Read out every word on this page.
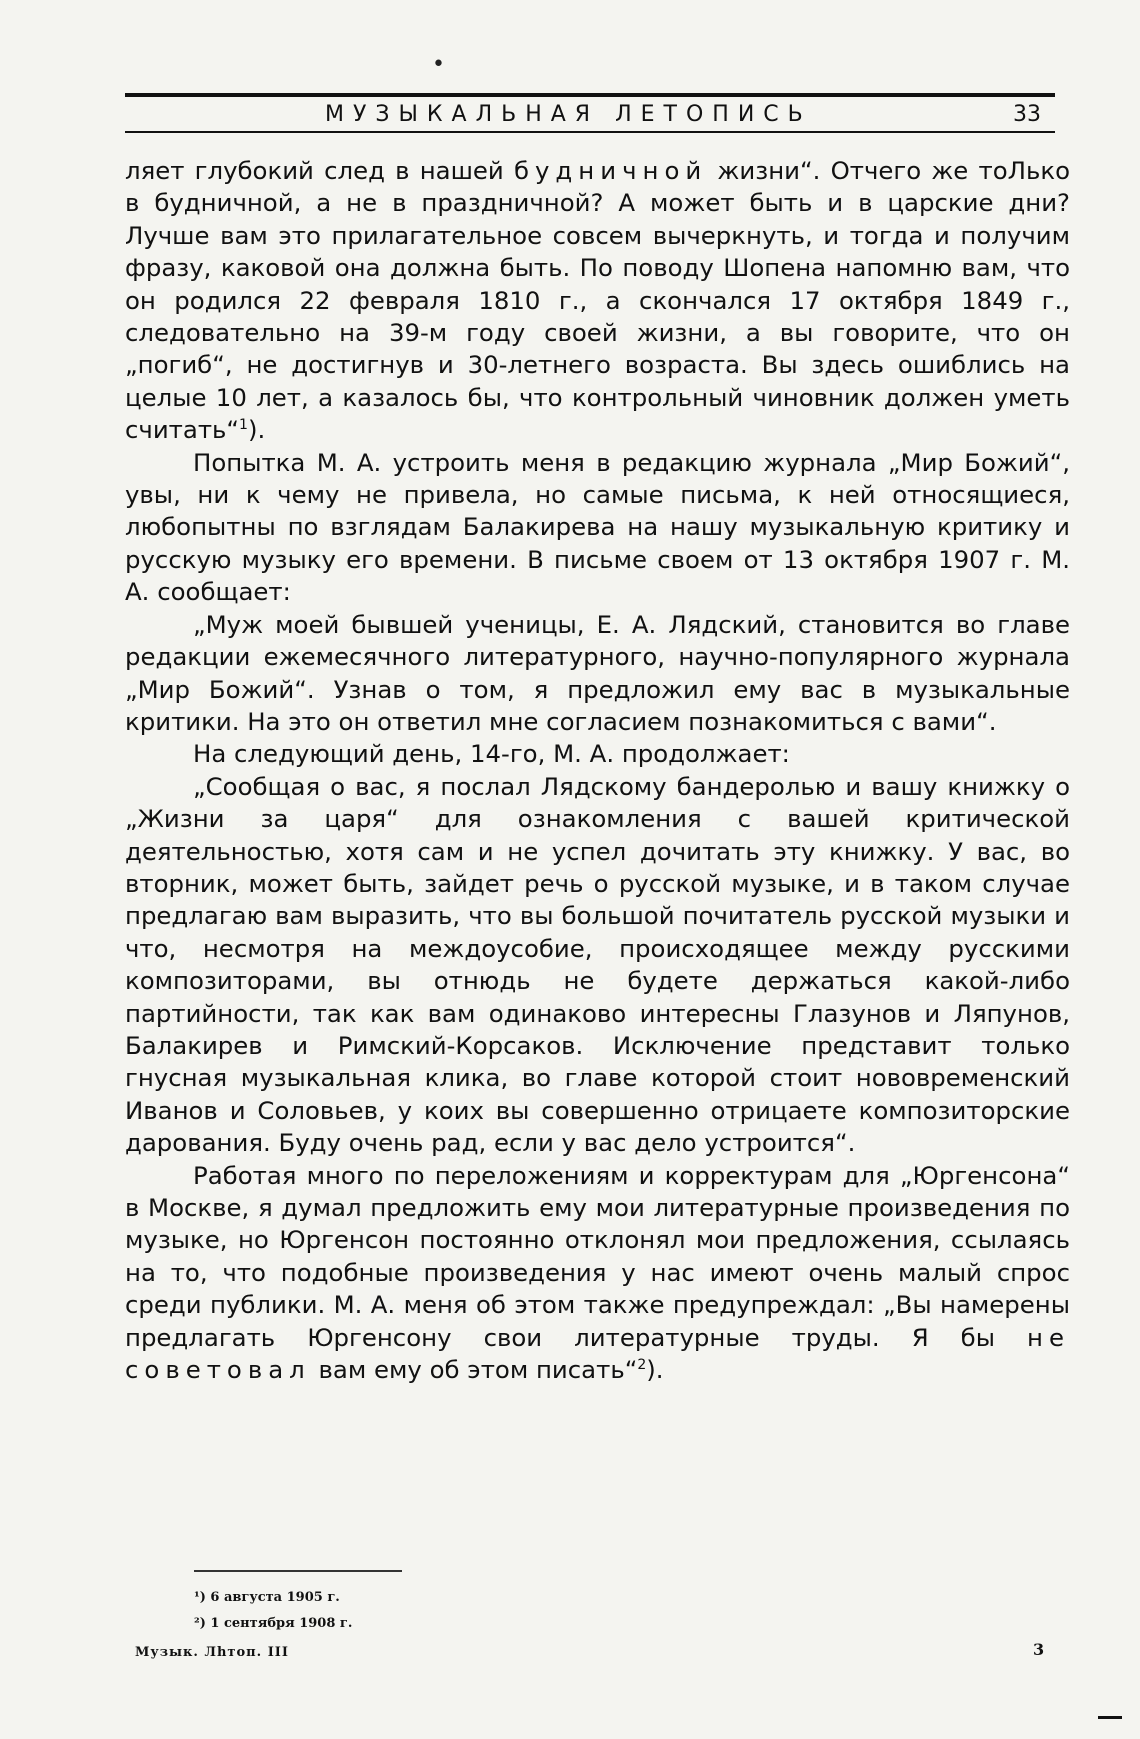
•
МУЗЫКАЛЬНАЯ ЛЕТОПИСЬ	33

ляет глубокий след в нашей будничной жизни“. Отчего же тоЛько в будничной, а не в праздничной? А может быть и в царские дни? Лучше вам это прилагательное совсем вычеркнуть, и тогда и получим фразу, каковой она должна быть. По поводу Шопена напомню вам, что он родился 22 февраля 1810 г., а скончался 17 октября 1849 г., следовательно на 39-м году своей жизни, а вы говорите, что он „погиб“, не достигнув и 30-летнего возраста. Вы здесь ошиблись на целые 10 лет, а казалось бы, что контрольный чиновник должен уметь считать“$^1$).

Попытка М. А. устроить меня в редакцию журнала „Мир Божий“, увы, ни к чему не привела, но самые письма, к ней относящиеся, любопытны по взглядам Балакирева на нашу музыкальную критику и русскую музыку его времени. В письме своем от 13 октября 1907 г. М. А. сообщает:

„Муж моей бывшей ученицы, Е. А. Лядский, становится во главе редакции ежемесячного литературного, научно-популярного журнала „Мир Божий“. Узнав о том, я предложил ему вас в музыкальные критики. На это он ответил мне согласием познакомиться с вами“.

На следующий день, 14-го, М. А. продолжает:

„Сообщая о вас, я послал Лядскому бандеролью и вашу книжку о „Жизни за царя“ для ознакомления с вашей критической деятельностью, хотя сам и не успел дочитать эту книжку. У вас, во вторник, может быть, зайдет речь о русской музыке, и в таком случае предлагаю вам выразить, что вы большой почитатель русской музыки и что, несмотря на междоусобие, происходящее между русскими композиторами, вы отнюдь не будете держаться какой-либо партийности, так как вам одинаково интересны Глазунов и Ляпунов, Балакирев и Римский-Корсаков. Исключение представит только гнусная музыкальная клика, во главе которой стоит нововременский Иванов и Соловьев, у коих вы совершенно отрицаете композиторские дарования. Буду очень рад, если у вас дело устроится“.

Работая много по переложениям и корректурам для „Юргенсона“ в Москве, я думал предложить ему мои литературные произведения по музыке, но Юргенсон постоянно отклонял мои предложения, ссылаясь на то, что подобные произведения у нас имеют очень малый спрос среди публики. М. А. меня об этом также предупреждал: „Вы намерены предлагать Юргенсону свои литературные труды. Я бы не советовал вам ему об этом писать“$^2$).

¹) 6 августа 1905 г.
²) 1 сентября 1908 г.
Музык. Лhтоп. III	3
